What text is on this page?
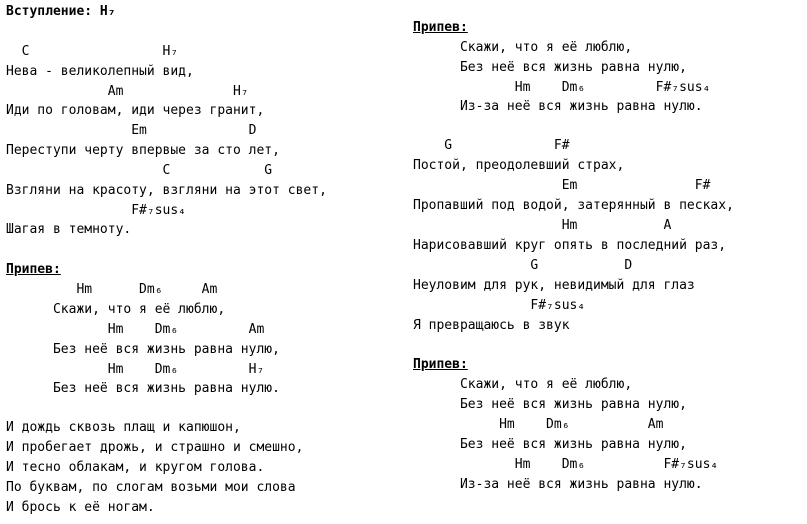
Вступление: H₇
C                 H₇
Нева - великолепный вид,
Am              H₇
Иди по головам, иди через гранит,
Em             D
Переступи черту впервые за сто лет,
C            G
Взгляни на красоту, взгляни на этот свет,
F#₇sus₄
Шагая в темноту.
Припев:
Hm      Dm₆     Am
Скажи, что я её люблю,
Hm    Dm₆         Am
Без неё вся жизнь равна нулю,
Hm    Dm₆         H₇
Без неё вся жизнь равна нулю.
И дождь сквозь плащ и капюшон,
И пробегает дрожь, и страшно и смешно,
И тесно облакам, и кругом голова.
По буквам, по слогам возьми мои слова
И брось к её ногам.
Припев:
Скажи, что я её люблю,
Без неё вся жизнь равна нулю,
Hm    Dm₆         F#₇sus₄
Из-за неё вся жизнь равна нулю.
G             F#
Постой, преодолевший страх,
Em               F#
Пропавший под водой, затерянный в песках,
Hm           A
Нарисовавший круг опять в последний раз,
G           D
Неуловим для рук, невидимый для глаз
F#₇sus₄
Я превращаюсь в звук
Припев:
Скажи, что я её люблю,
Без неё вся жизнь равна нулю,
Hm    Dm₆          Am
Без неё вся жизнь равна нулю,
Hm    Dm₆          F#₇sus₄
Из-за неё вся жизнь равна нулю.
